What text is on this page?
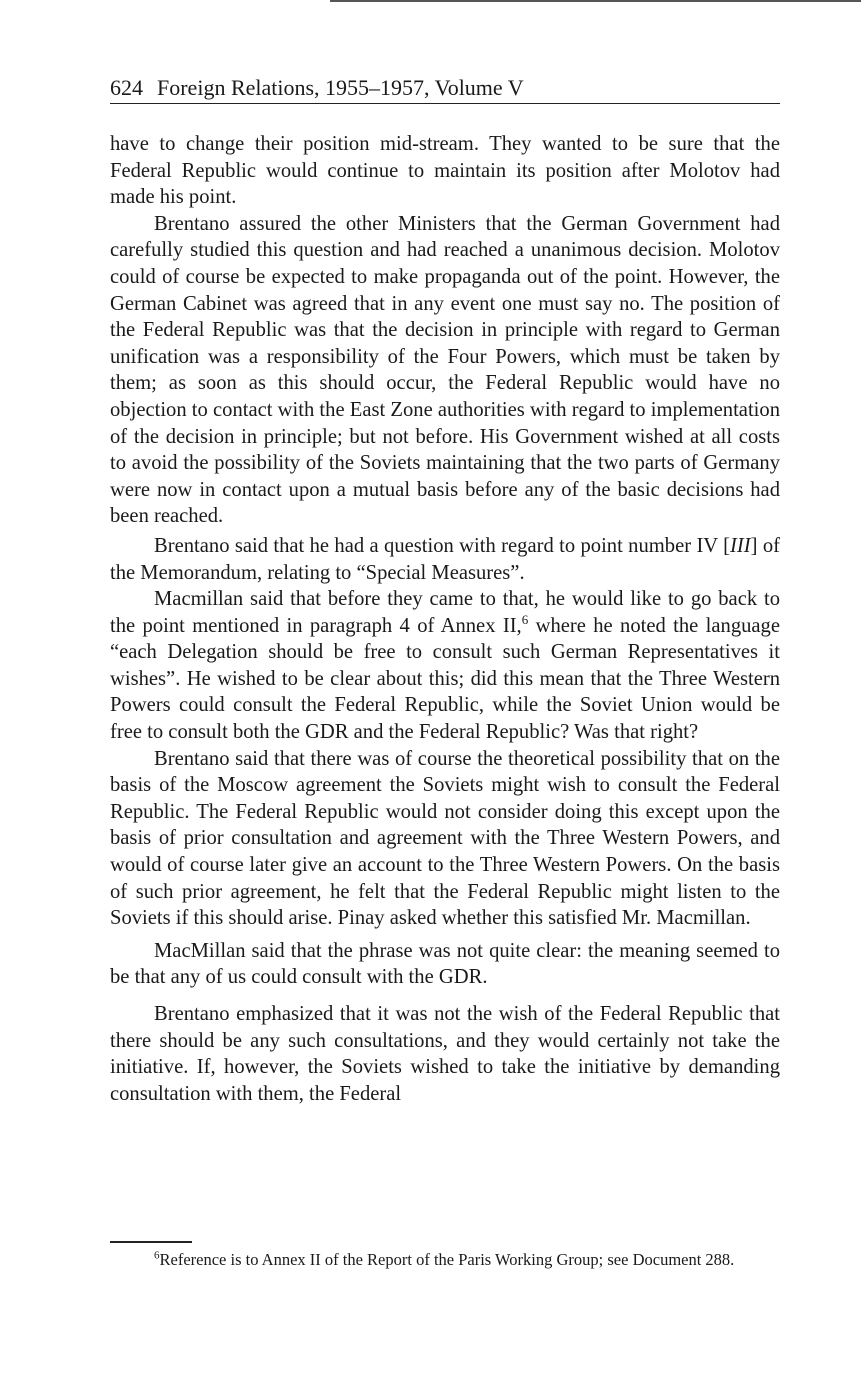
624 Foreign Relations, 1955–1957, Volume V

have to change their position mid-stream. They wanted to be sure that the Federal Republic would continue to maintain its position after Molotov had made his point.

Brentano assured the other Ministers that the German Government had carefully studied this question and had reached a unanimous decision. Molotov could of course be expected to make propaganda out of the point. However, the German Cabinet was agreed that in any event one must say no. The position of the Federal Republic was that the decision in principle with regard to German unification was a responsibility of the Four Powers, which must be taken by them; as soon as this should occur, the Federal Republic would have no objection to contact with the East Zone authorities with regard to implementation of the decision in principle; but not before. His Government wished at all costs to avoid the possibility of the Soviets maintaining that the two parts of Germany were now in contact upon a mutual basis before any of the basic decisions had been reached.

Brentano said that he had a question with regard to point number IV [III] of the Memorandum, relating to “Special Measures”.

Macmillan said that before they came to that, he would like to go back to the point mentioned in paragraph 4 of Annex II,$^6$ where he noted the language “each Delegation should be free to consult such German Representatives it wishes”. He wished to be clear about this; did this mean that the Three Western Powers could consult the Federal Republic, while the Soviet Union would be free to consult both the GDR and the Federal Republic? Was that right?

Brentano said that there was of course the theoretical possibility that on the basis of the Moscow agreement the Soviets might wish to consult the Federal Republic. The Federal Republic would not consider doing this except upon the basis of prior consultation and agreement with the Three Western Powers, and would of course later give an account to the Three Western Powers. On the basis of such prior agreement, he felt that the Federal Republic might listen to the Soviets if this should arise. Pinay asked whether this satisfied Mr. Macmillan.

MacMillan said that the phrase was not quite clear: the meaning seemed to be that any of us could consult with the GDR.

Brentano emphasized that it was not the wish of the Federal Republic that there should be any such consultations, and they would certainly not take the initiative. If, however, the Soviets wished to take the initiative by demanding consultation with them, the Federal

$^6$Reference is to Annex II of the Report of the Paris Working Group; see Document 288.
